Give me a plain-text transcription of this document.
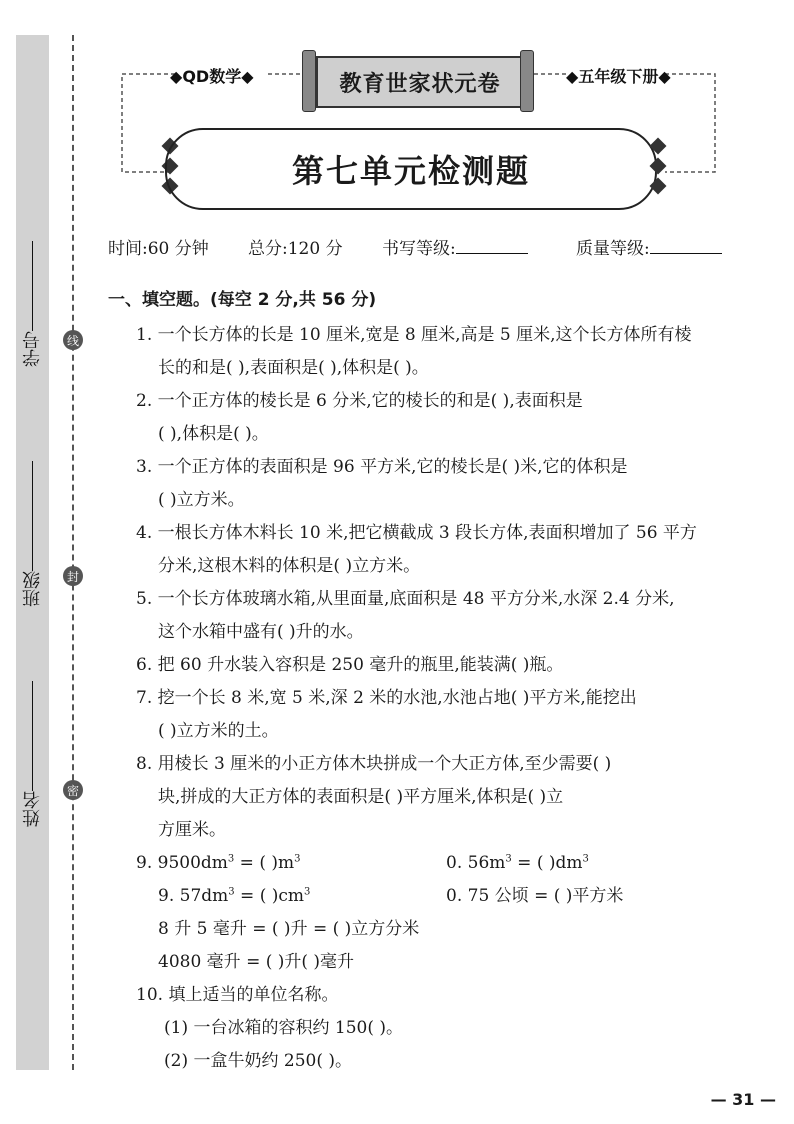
学号
班级
姓名
线
封
密
◆QD数学◆	教育世家状元卷	◆五年级下册◆
第七单元检测题
时间:60 分钟 总分:120 分 书写等级:	质量等级:
一、填空题。(每空 2 分,共 56 分)
1. 一个长方体的长是 10 厘米,宽是 8 厘米,高是 5 厘米,这个长方体所有棱
长的和是( ),表面积是( ),体积是( )。
2. 一个正方体的棱长是 6 分米,它的棱长的和是( ),表面积是
( ),体积是( )。
3. 一个正方体的表面积是 96 平方米,它的棱长是( )米,它的体积是
( )立方米。
4. 一根长方体木料长 10 米,把它横截成 3 段长方体,表面积增加了 56 平方
分米,这根木料的体积是( )立方米。
5. 一个长方体玻璃水箱,从里面量,底面积是 48 平方分米,水深 2.4 分米,
这个水箱中盛有( )升的水。
6. 把 60 升水装入容积是 250 毫升的瓶里,能装满( )瓶。
7. 挖一个长 8 米,宽 5 米,深 2 米的水池,水池占地( )平方米,能挖出
( )立方米的土。
8. 用棱长 3 厘米的小正方体木块拼成一个大正方体,至少需要( )
块,拼成的大正方体的表面积是( )平方厘米,体积是( )立
方厘米。
9. $9500dm^3$ = ( )$m^3$	0. $56m^3$ = ( )$dm^3$
9. $57dm^3$ = ( )$cm^3$	0. 75 公顷 = ( )平方米
8 升 5 毫升 = ( )升 = ( )立方分米
4080 毫升 = ( )升( )毫升
10. 填上适当的单位名称。
(1) 一台冰箱的容积约 150( )。
(2) 一盒牛奶约 250( )。
— 31 —
